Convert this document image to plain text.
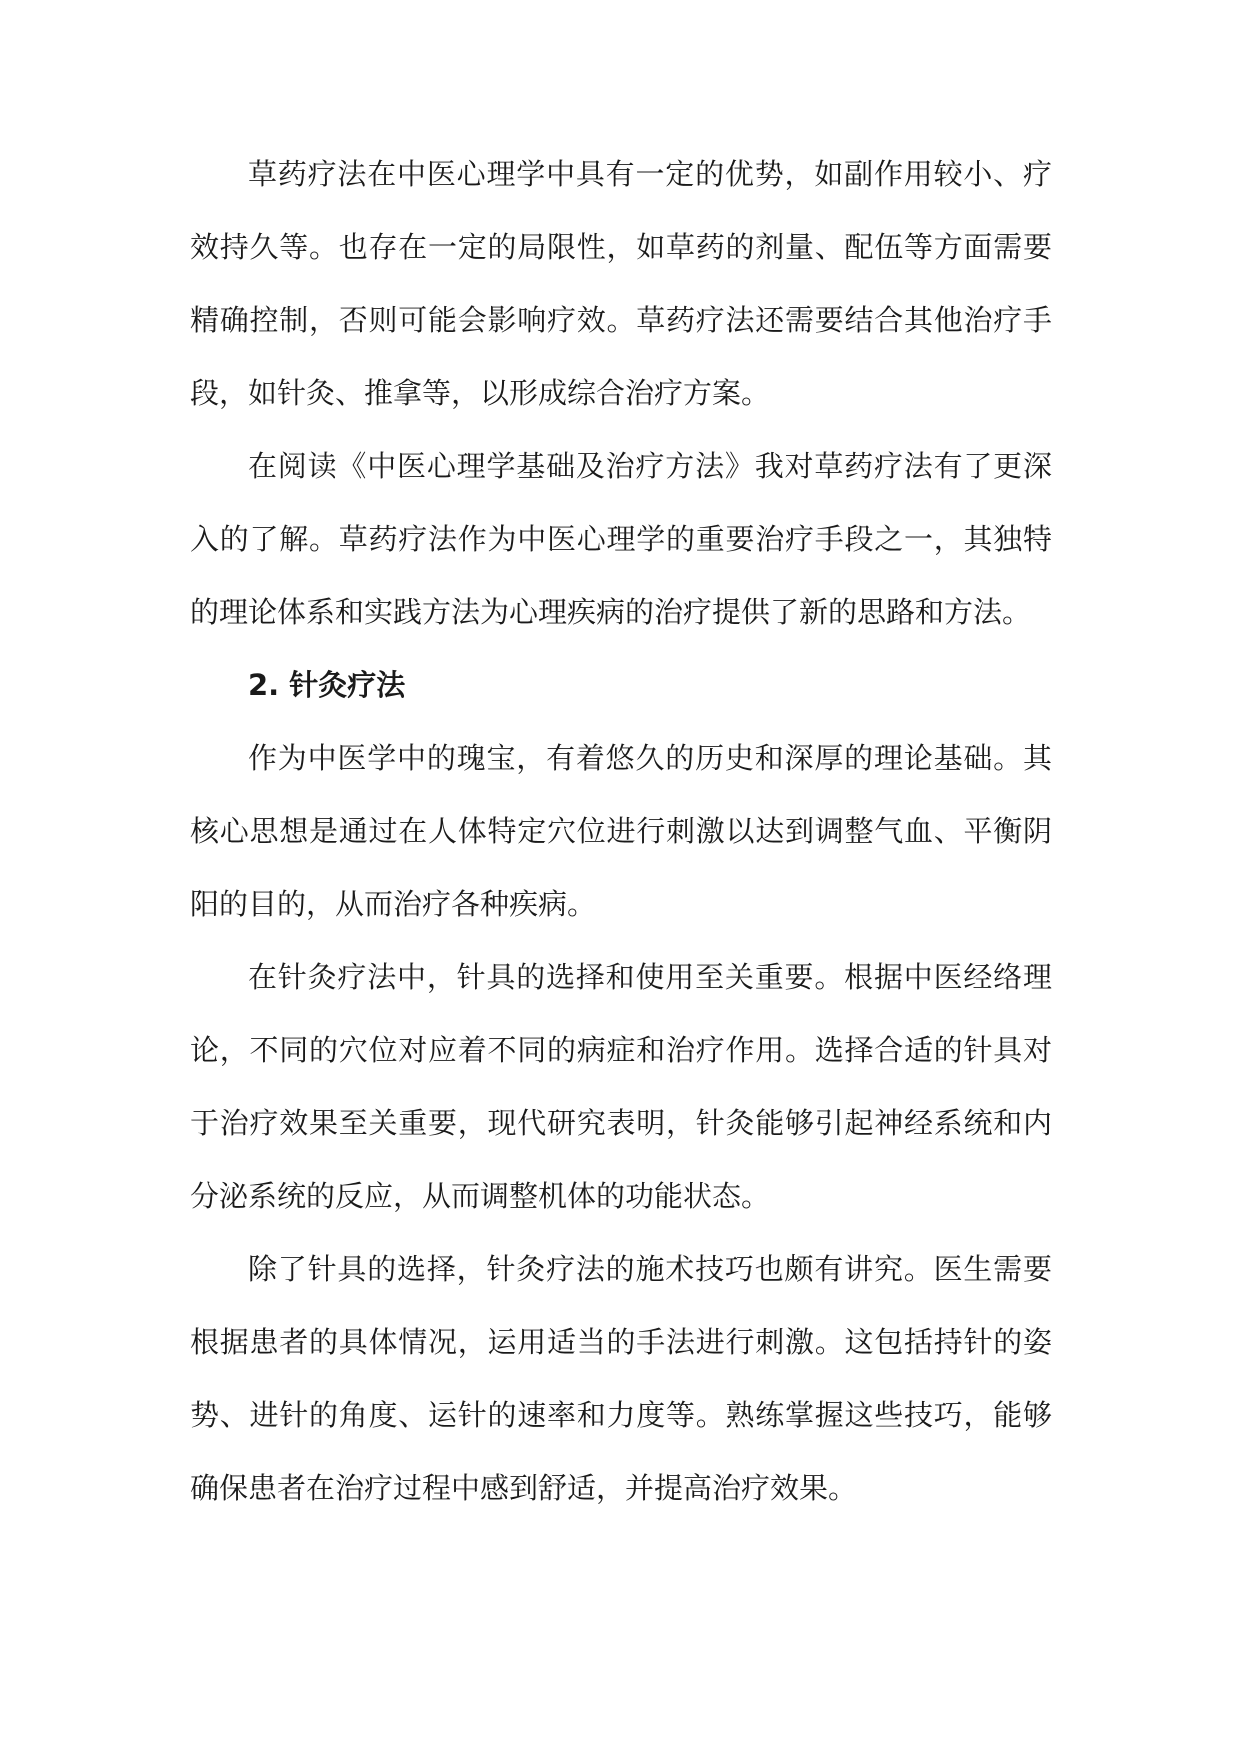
草药疗法在中医心理学中具有一定的优势，如副作用较小、疗效持久等。也存在一定的局限性，如草药的剂量、配伍等方面需要精确控制，否则可能会影响疗效。草药疗法还需要结合其他治疗手段，如针灸、推拿等，以形成综合治疗方案。

在阅读《中医心理学基础及治疗方法》我对草药疗法有了更深入的了解。草药疗法作为中医心理学的重要治疗手段之一，其独特的理论体系和实践方法为心理疾病的治疗提供了新的思路和方法。

2. 针灸疗法

作为中医学中的瑰宝，有着悠久的历史和深厚的理论基础。其核心思想是通过在人体特定穴位进行刺激以达到调整气血、平衡阴阳的目的，从而治疗各种疾病。

在针灸疗法中，针具的选择和使用至关重要。根据中医经络理论，不同的穴位对应着不同的病症和治疗作用。选择合适的针具对于治疗效果至关重要，现代研究表明，针灸能够引起神经系统和内分泌系统的反应，从而调整机体的功能状态。

除了针具的选择，针灸疗法的施术技巧也颇有讲究。医生需要根据患者的具体情况，运用适当的手法进行刺激。这包括持针的姿势、进针的角度、运针的速率和力度等。熟练掌握这些技巧，能够确保患者在治疗过程中感到舒适，并提高治疗效果。
